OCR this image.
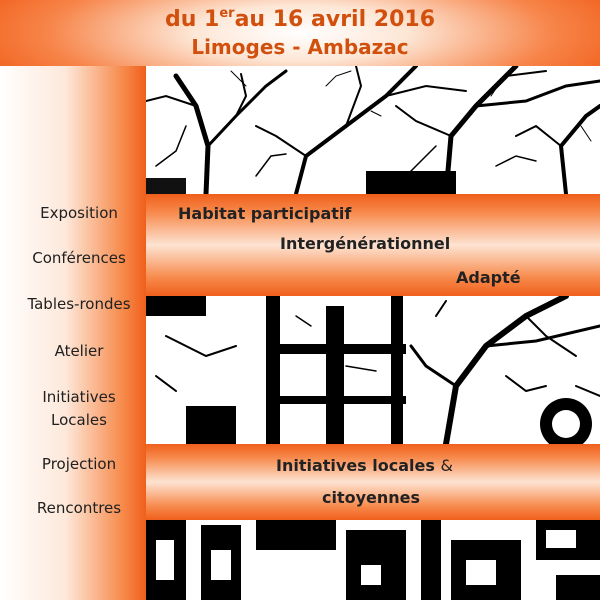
du 1erau 16 avril 2016
Limoges - Ambazac
Exposition
Conférences
Tables-rondes
Atelier
Initiatives
Locales
Projection
Rencontres
Habitat participatif
Intergénérationnel
Adapté
Initiatives locales &
citoyennes
